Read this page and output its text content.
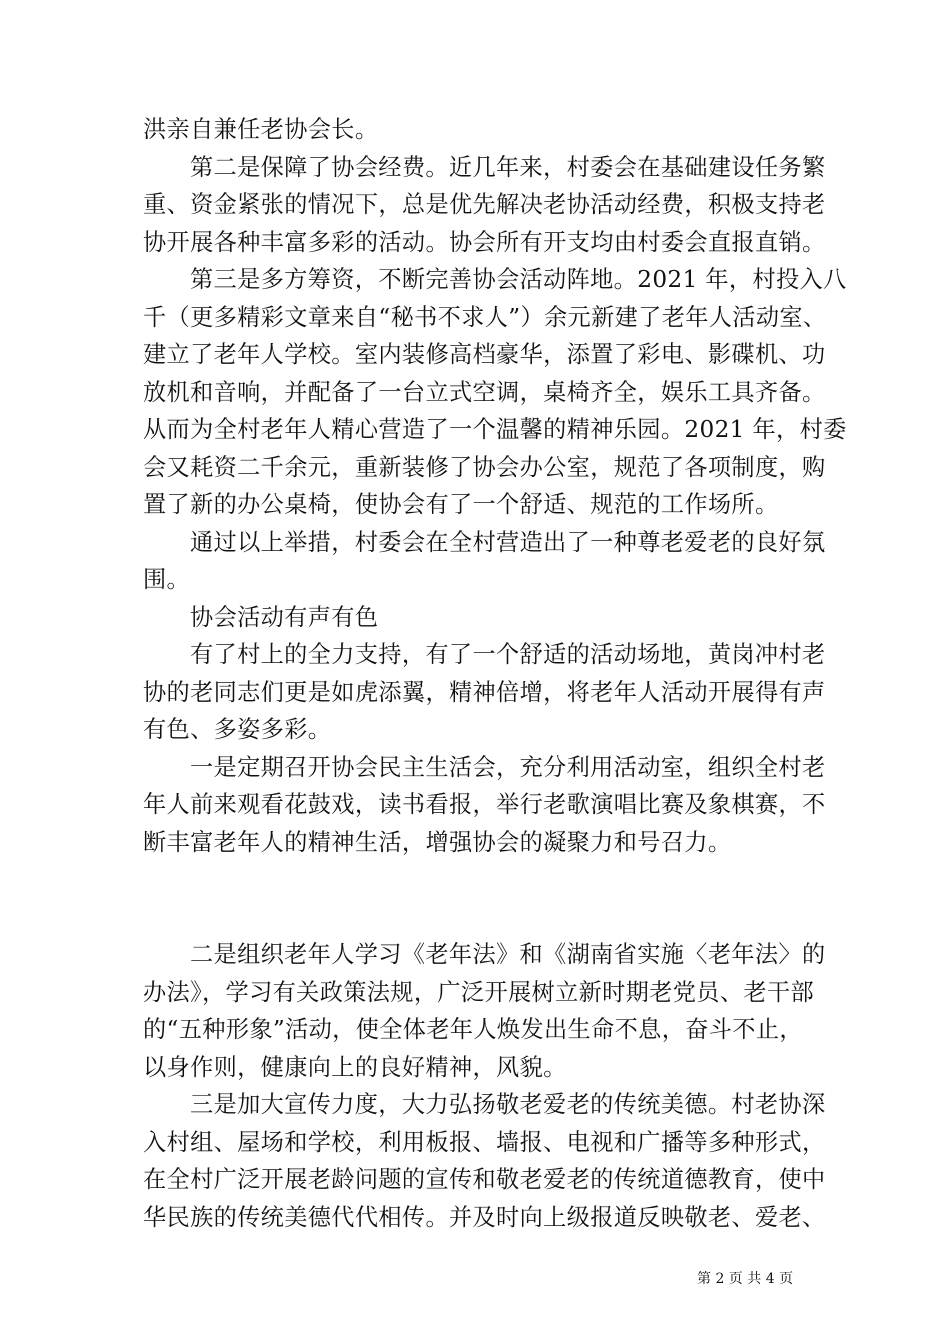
洪亲自兼任老协会长。
第二是保障了协会经费。近几年来，村委会在基础建设任务繁
重、资金紧张的情况下，总是优先解决老协活动经费，积极支持老
协开展各种丰富多彩的活动。协会所有开支均由村委会直报直销。
第三是多方筹资，不断完善协会活动阵地。2021 年，村投入八
千（更多精彩文章来自“秘书不求人”）余元新建了老年人活动室、
建立了老年人学校。室内装修高档豪华，添置了彩电、影碟机、功
放机和音响，并配备了一台立式空调，桌椅齐全，娱乐工具齐备。
从而为全村老年人精心营造了一个温馨的精神乐园。2021 年，村委
会又耗资二千余元，重新装修了协会办公室，规范了各项制度，购
置了新的办公桌椅，使协会有了一个舒适、规范的工作场所。
通过以上举措，村委会在全村营造出了一种尊老爱老的良好氛
围。
协会活动有声有色
有了村上的全力支持，有了一个舒适的活动场地，黄岗冲村老
协的老同志们更是如虎添翼，精神倍增，将老年人活动开展得有声
有色、多姿多彩。
一是定期召开协会民主生活会，充分利用活动室，组织全村老
年人前来观看花鼓戏，读书看报，举行老歌演唱比赛及象棋赛，不
断丰富老年人的精神生活，增强协会的凝聚力和号召力。
二是组织老年人学习《老年法》和《湖南省实施〈老年法〉的
办法》，学习有关政策法规，广泛开展树立新时期老党员、老干部
的“五种形象”活动，使全体老年人焕发出生命不息，奋斗不止，
以身作则，健康向上的良好精神，风貌。
三是加大宣传力度，大力弘扬敬老爱老的传统美德。村老协深
入村组、屋场和学校，利用板报、墙报、电视和广播等多种形式，
在全村广泛开展老龄问题的宣传和敬老爱老的传统道德教育，使中
华民族的传统美德代代相传。并及时向上级报道反映敬老、爱老、
第 2 页 共 4 页
